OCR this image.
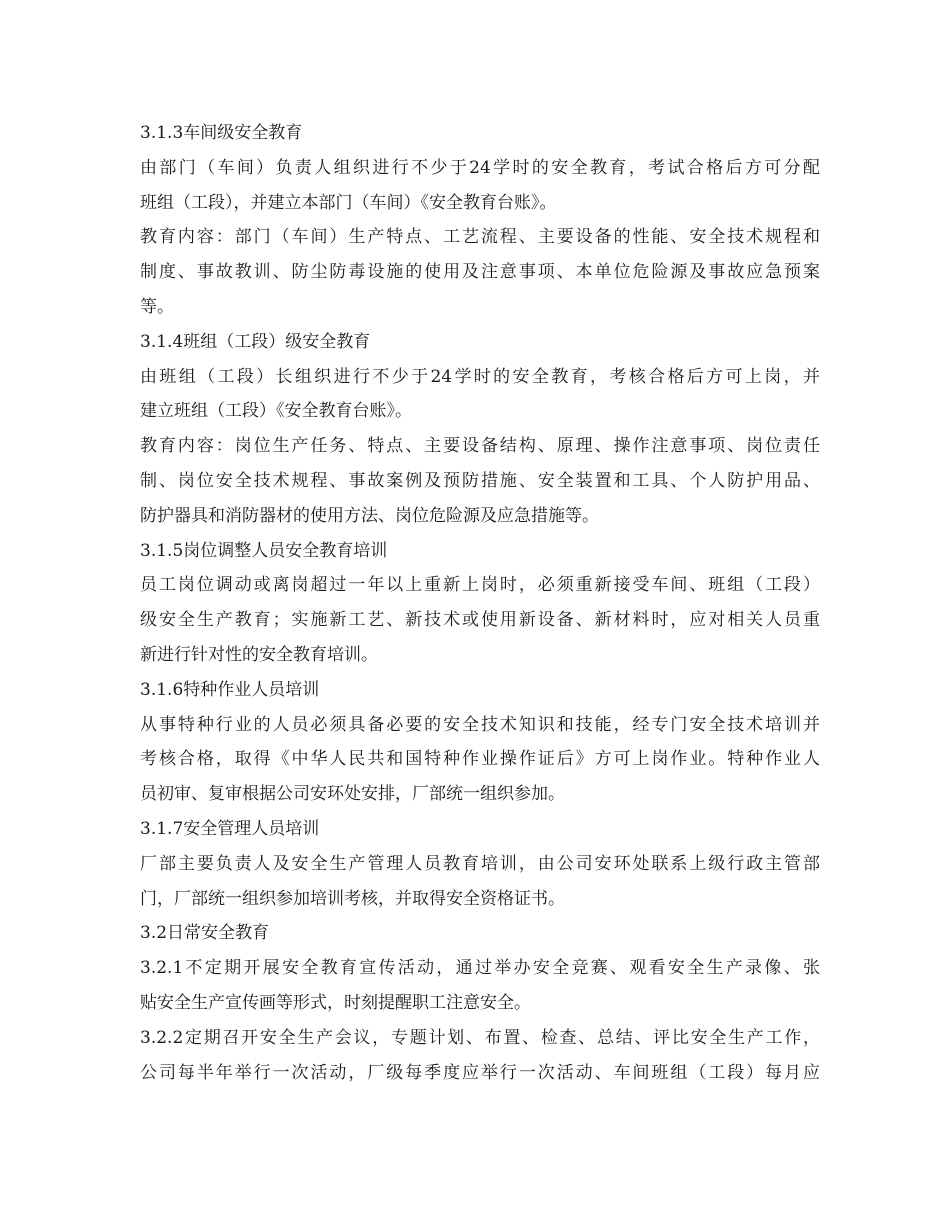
3.1.3车间级安全教育
由部门（车间）负责人组织进行不少于24学时的安全教育，考试合格后方可分配
班组（工段），并建立本部门（车间）《安全教育台账》。
教育内容：部门（车间）生产特点、工艺流程、主要设备的性能、安全技术规程和
制度、事故教训、防尘防毒设施的使用及注意事项、本单位危险源及事故应急预案
等。
3.1.4班组（工段）级安全教育
由班组（工段）长组织进行不少于24学时的安全教育，考核合格后方可上岗，并
建立班组（工段）《安全教育台账》。
教育内容：岗位生产任务、特点、主要设备结构、原理、操作注意事项、岗位责任
制、岗位安全技术规程、事故案例及预防措施、安全装置和工具、个人防护用品、
防护器具和消防器材的使用方法、岗位危险源及应急措施等。
3.1.5岗位调整人员安全教育培训
员工岗位调动或离岗超过一年以上重新上岗时，必须重新接受车间、班组（工段）
级安全生产教育；实施新工艺、新技术或使用新设备、新材料时，应对相关人员重
新进行针对性的安全教育培训。
3.1.6特种作业人员培训
从事特种行业的人员必须具备必要的安全技术知识和技能，经专门安全技术培训并
考核合格，取得《中华人民共和国特种作业操作证后》方可上岗作业。特种作业人
员初审、复审根据公司安环处安排，厂部统一组织参加。
3.1.7安全管理人员培训
厂部主要负责人及安全生产管理人员教育培训，由公司安环处联系上级行政主管部
门，厂部统一组织参加培训考核，并取得安全资格证书。
3.2日常安全教育
3.2.1不定期开展安全教育宣传活动，通过举办安全竞赛、观看安全生产录像、张
贴安全生产宣传画等形式，时刻提醒职工注意安全。
3.2.2定期召开安全生产会议，专题计划、布置、检查、总结、评比安全生产工作，
公司每半年举行一次活动，厂级每季度应举行一次活动、车间班组（工段）每月应
